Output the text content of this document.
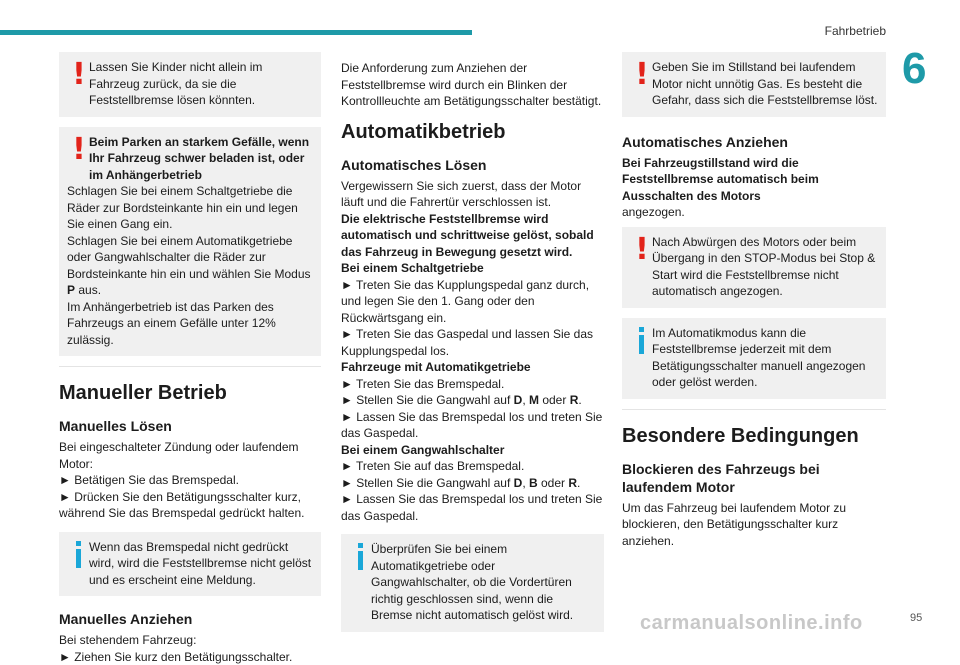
Fahrbetrieb
6
! Lassen Sie Kinder nicht allein im Fahrzeug zurück, da sie die Feststellbremse lösen könnten.

! Beim Parken an starkem Gefälle, wenn Ihr Fahrzeug schwer beladen ist, oder im Anhängerbetrieb

Schlagen Sie bei einem Schaltgetriebe die Räder zur Bordsteinkante hin ein und legen Sie einen Gang ein.

Schlagen Sie bei einem Automatikgetriebe oder Gangwahlschalter die Räder zur Bordsteinkante hin ein und wählen Sie Modus P aus.

Im Anhängerbetrieb ist das Parken des Fahrzeugs an einem Gefälle unter 12% zulässig.

Manueller Betrieb
Manuelles Lösen

Bei eingeschalteter Zündung oder laufendem Motor:

► Betätigen Sie das Bremspedal.

► Drücken Sie den Betätigungsschalter kurz, während Sie das Bremspedal gedrückt halten.

Wenn das Bremspedal nicht gedrückt wird, wird die Feststellbremse nicht gelöst und es erscheint eine Meldung.

Manuelles Anziehen

Bei stehendem Fahrzeug:

► Ziehen Sie kurz den Betätigungsschalter.

Die Anforderung zum Anziehen der Feststellbremse wird durch ein Blinken der Kontrollleuchte am Betätigungsschalter bestätigt.

Automatikbetrieb
Automatisches Lösen

Vergewissern Sie sich zuerst, dass der Motor läuft und die Fahrertür verschlossen ist.

Die elektrische Feststellbremse wird automatisch und schrittweise gelöst, sobald das Fahrzeug in Bewegung gesetzt wird.

Bei einem Schaltgetriebe

► Treten Sie das Kupplungspedal ganz durch, und legen Sie den 1. Gang oder den Rückwärtsgang ein.

► Treten Sie das Gaspedal und lassen Sie das Kupplungspedal los.

Fahrzeuge mit Automatikgetriebe

► Treten Sie das Bremspedal.

► Stellen Sie die Gangwahl auf D, M oder R.

► Lassen Sie das Bremspedal los und treten Sie das Gaspedal.

Bei einem Gangwahlschalter

► Treten Sie auf das Bremspedal.

► Stellen Sie die Gangwahl auf D, B oder R.

► Lassen Sie das Bremspedal los und treten Sie das Gaspedal.

Überprüfen Sie bei einem Automatikgetriebe oder Gangwahlschalter, ob die Vordertüren richtig geschlossen sind, wenn die Bremse nicht automatisch gelöst wird.

! Geben Sie im Stillstand bei laufendem Motor nicht unnötig Gas. Es besteht die Gefahr, dass sich die Feststellbremse löst.

Automatisches Anziehen

Bei Fahrzeugstillstand wird die Feststellbremse automatisch beim Ausschalten des Motors

angezogen.

! Nach Abwürgen des Motors oder beim Übergang in den STOP-Modus bei Stop & Start wird die Feststellbremse nicht automatisch angezogen.

Im Automatikmodus kann die Feststellbremse jederzeit mit dem Betätigungsschalter manuell angezogen oder gelöst werden.

Besondere Bedingungen
Blockieren des Fahrzeugs bei laufendem Motor

Um das Fahrzeug bei laufendem Motor zu blockieren, den Betätigungsschalter kurz anziehen.

carmanualsonline.info	95
